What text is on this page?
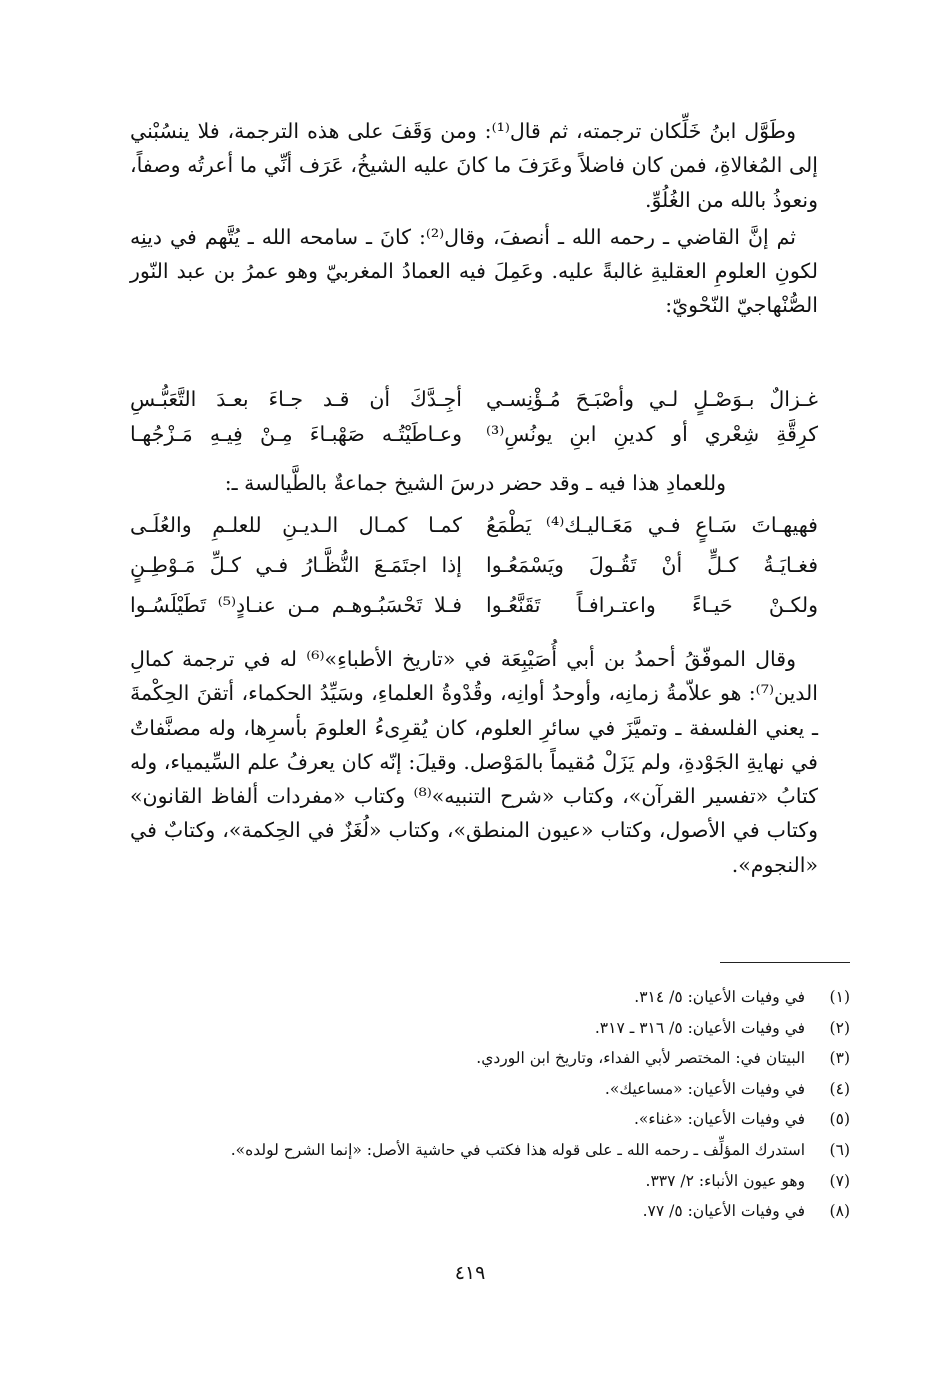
وطَوَّل ابنُ خَلِّكان ترجمته، ثم قال⁽¹⁾: ومن وَقَفَ على هذه الترجمة، فلا ينسُبْني إلى المُغالاةِ، فمن كان فاضلاً وعَرَفَ ما كانَ عليه الشيخُ، عَرَف أنِّي ما أعرتُه وصفاً، ونعوذُ بالله من الغُلُوِّ.

ثم إنَّ القاضي ـ رحمه الله ـ أنصفَ، وقال⁽²⁾: كانَ ـ سامحه الله ـ يُتَّهم في دينِه لكونِ العلومِ العقليةِ غالبةً عليه. وعَمِلَ فيه العمادُ المغربيّ وهو عمرُ بن عبد النّور الصُّنْهاجيّ النّحْويّ:

غـزالٌ بـوَصْـلٍ لـي وأصْبَـحَ مُـؤْنِسـي
أجِـدَّكَ أن قـد جـاءَ بعـدَ التَّعَبُّـسِ
كرِقَّةِ شِعْري أو كدينِ ابنِ يونُسِ⁽³⁾
وعـاطَيْتُـه صَهْبـاءَ مِـنْ فِيـهِ مَـزْجُهـا
وللعمادِ هذا فيه ـ وقد حضر درسَ الشيخ جماعةٌ بالطَّيالسة ـ:
فهيهـاتَ سَـاعٍ فـي مَعَـاليـك⁽⁴⁾ يَطْمَعُ
كمـا كمـال الـديـنِ للعلـمِ والعُلَـى
فغـايَـةُ كـلٍّ أنْ تَقُـولَ ويَسْمَعُـوا
إذا اجتَمَـعَ النُّظَّـارُ فـي كـلِّ مَـوْطِـنٍ
ولكـنْ حَيـاءً واعتـرافـاً تَقَنَّعُـوا
فـلا تَحْسَبُـوهـم مـن عنـادٍ⁽⁵⁾ تَطَيْلَسُـوا

وقال الموفّقُ أحمدُ بن أبي أُصَيْبِعَة في «تاريخ الأطباءِ»⁽⁶⁾ له في ترجمة كمالِ الدين⁽⁷⁾: هو علاّمةُ زمانِه، وأوحدُ أوانِه، وقُدْوةُ العلماءِ، وسَيِّدُ الحكماء، أتقنَ الحِكْمةَ ـ يعني الفلسفة ـ وتميَّزَ في سائرِ العلوم، كان يُقرِىءُ العلومَ بأسرِها، وله مصنَّفاتٌ في نهايةِ الجَوْدةِ، ولم يَزَلْ مُقيماً بالمَوْصل. وقيلَ: إنّه كان يعرفُ علم السِّيمياء، وله كتابُ «تفسير القرآن»، وكتاب «شرح التنبيه»⁽⁸⁾ وكتاب «مفردات ألفاظ القانون» وكتاب في الأصول، وكتاب «عيون المنطق»، وكتاب «لُغَزٌ في الحِكمة»، وكتابٌ في «النجوم».

(١) في وفيات الأعيان: ٥/ ٣١٤.
(٢) في وفيات الأعيان: ٥/ ٣١٦ ـ ٣١٧.
(٣) البيتان في: المختصر لأبي الفداء، وتاريخ ابن الوردي.
(٤) في وفيات الأعيان: «مساعيك».
(٥) في وفيات الأعيان: «غناء».
(٦) استدرك المؤلِّف ـ رحمه الله ـ على قوله هذا فكتب في حاشية الأصل: «إنما الشرح لولده».
(٧) وهو عيون الأنباء: ٢/ ٣٣٧.
(٨) في وفيات الأعيان: ٥/ ٧٧.
٤١٩
